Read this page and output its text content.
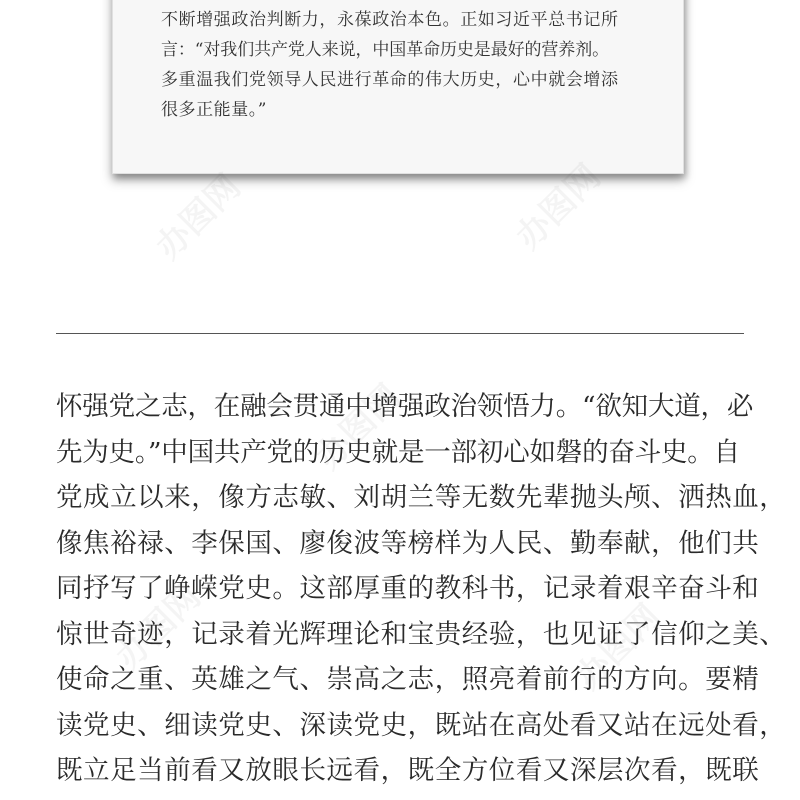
不断增强政治判断力，永葆政治本色。正如习近平总书记所
言：“对我们共产党人来说，中国革命历史是最好的营养剂。
多重温我们党领导人民进行革命的伟大历史，心中就会增添
很多正能量。”
怀强党之志，在融会贯通中增强政治领悟力。“欲知大道，必
先为史。”中国共产党的历史就是一部初心如磐的奋斗史。自
党成立以来，像方志敏、刘胡兰等无数先辈抛头颅、洒热血，
像焦裕禄、李保国、廖俊波等榜样为人民、勤奉献，他们共
同抒写了峥嵘党史。这部厚重的教科书，记录着艰辛奋斗和
惊世奇迹，记录着光辉理论和宝贵经验，也见证了信仰之美、
使命之重、英雄之气、崇高之志，照亮着前行的方向。要精
读党史、细读党史、深读党史，既站在高处看又站在远处看，
既立足当前看又放眼长远看，既全方位看又深层次看，既联
